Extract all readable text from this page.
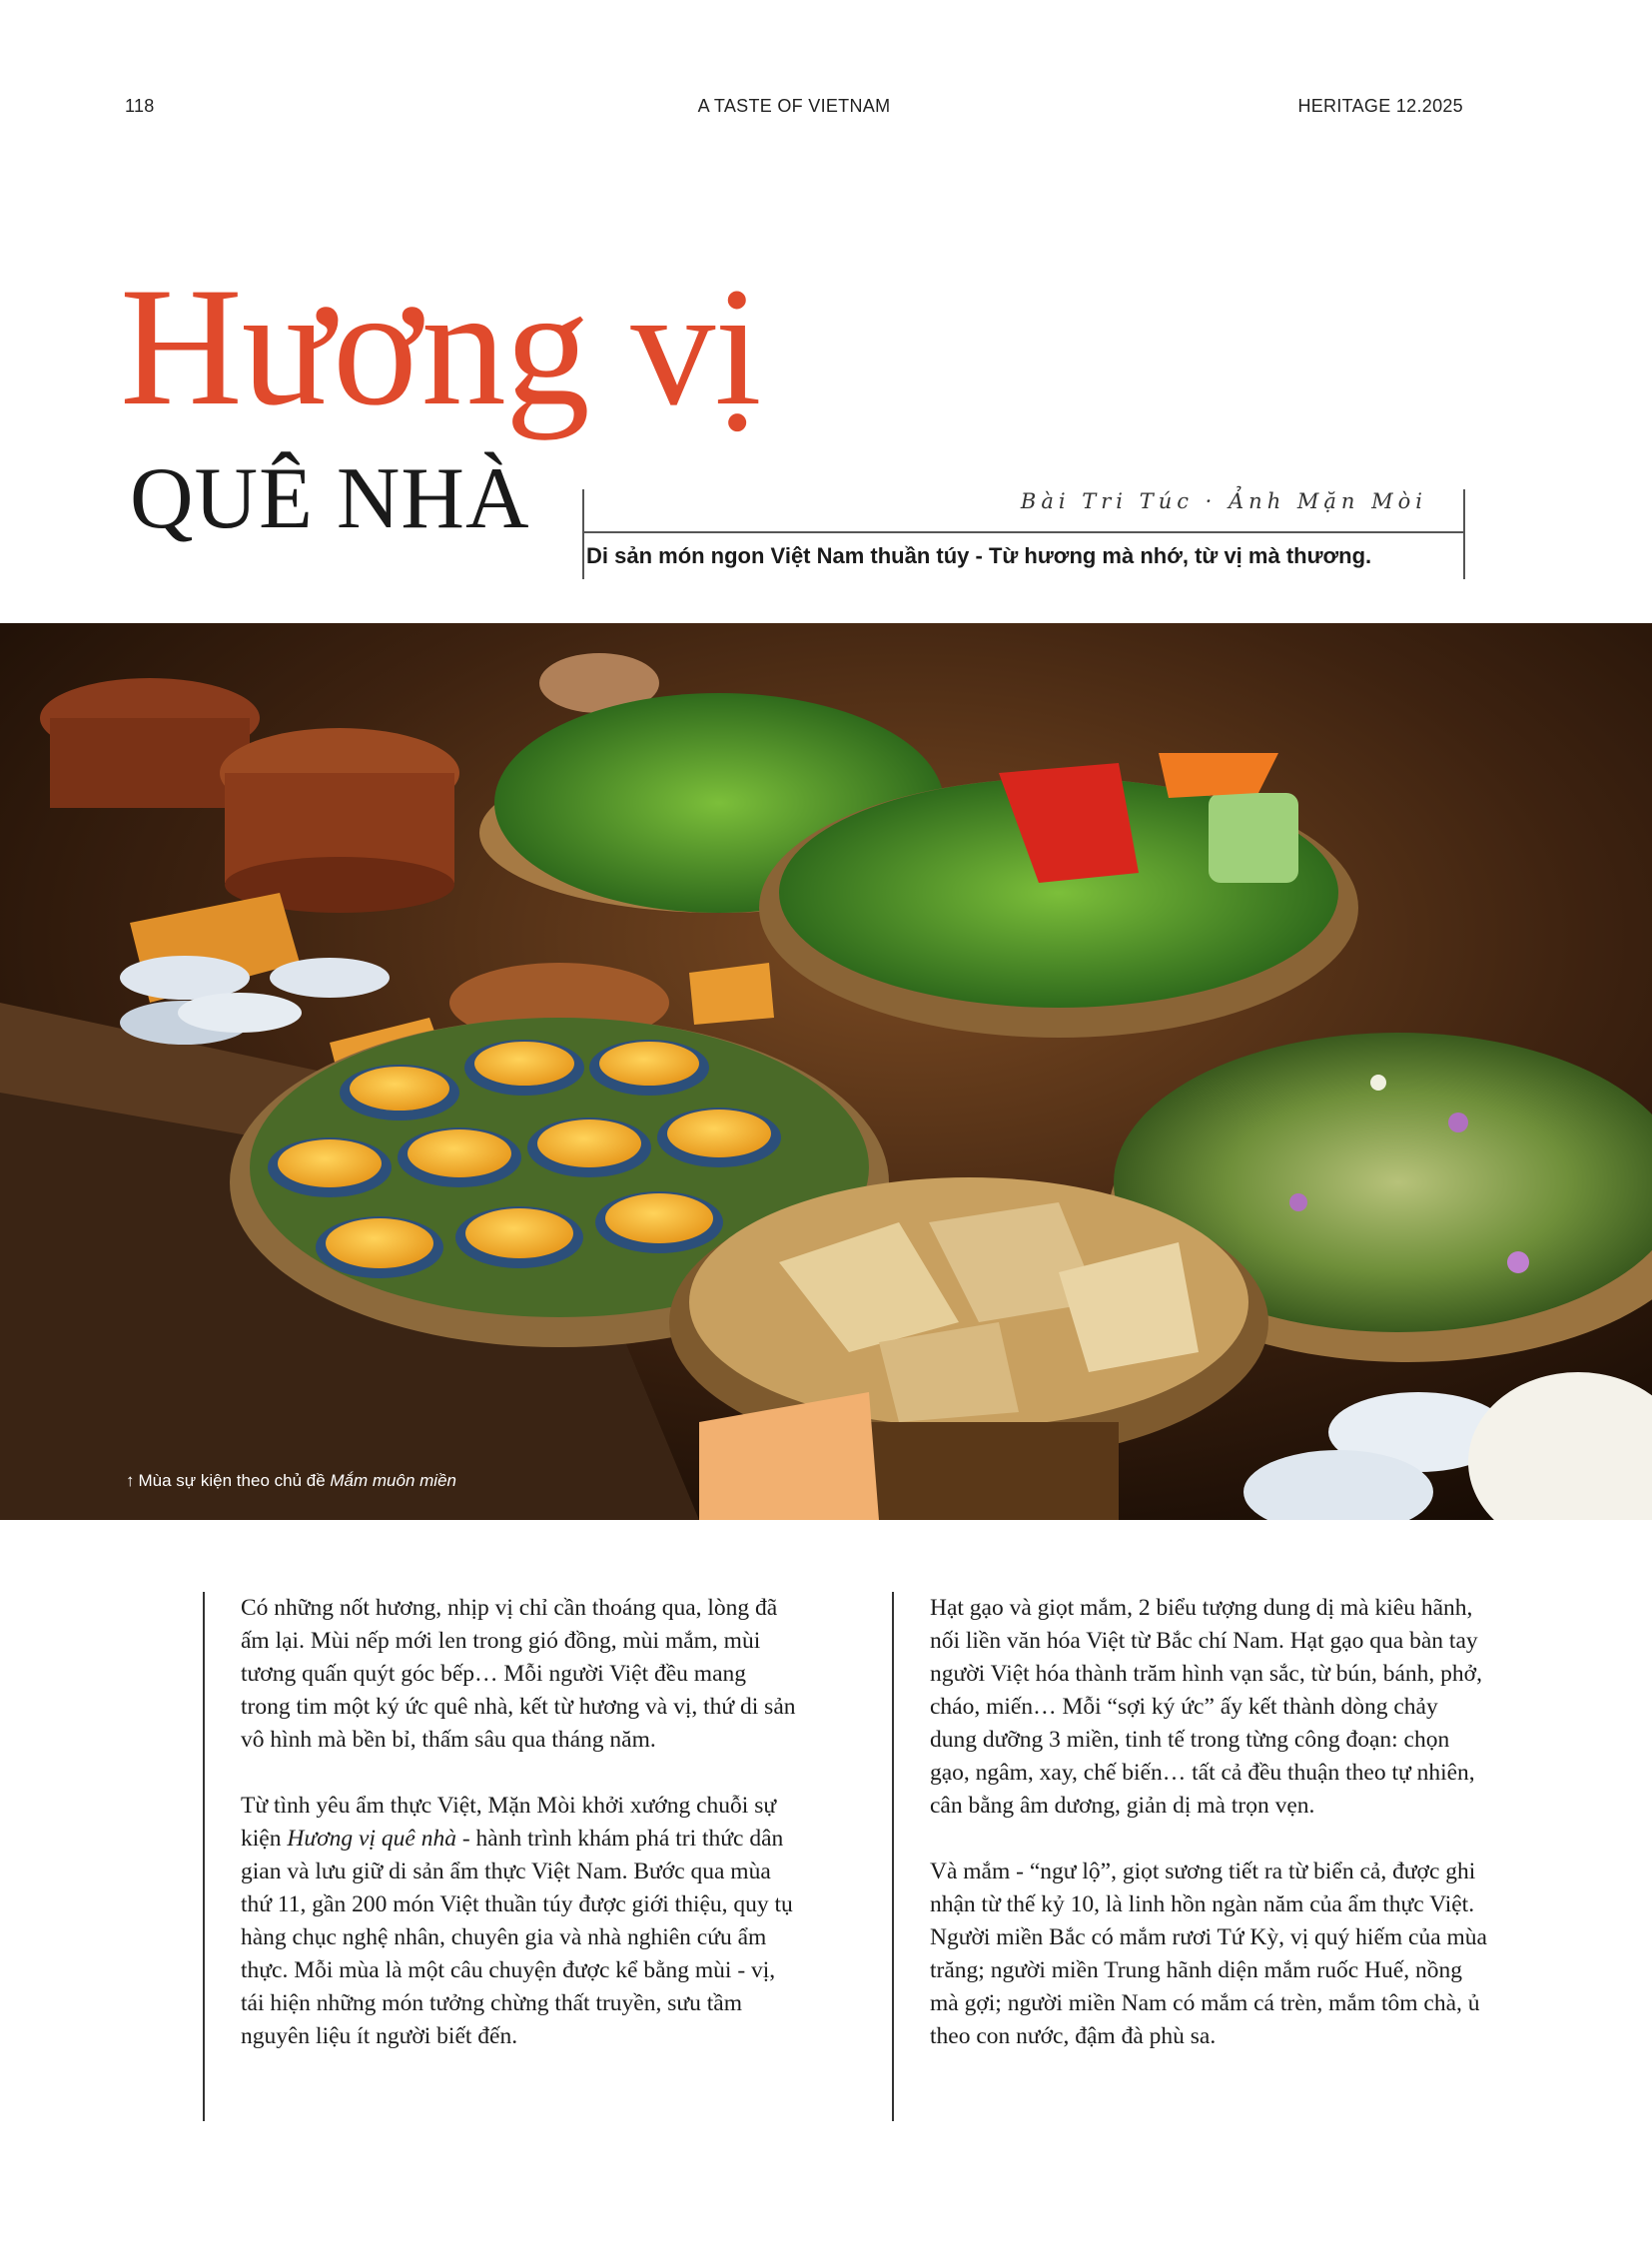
118	A TASTE OF VIETNAM	HERITAGE 12.2025
Hương vị
QUÊ NHÀ	Bài Tri Túc · Ảnh Mặn Mòi
Di sản món ngon Việt Nam thuần túy - Từ hương mà nhớ, từ vị mà thương.
↑ Mùa sự kiện theo chủ đề Mắm muôn miền

Có những nốt hương, nhịp vị chỉ cần thoáng qua, lòng đã ấm lại. Mùi nếp mới len trong gió đồng, mùi mắm, mùi tương quấn quýt góc bếp… Mỗi người Việt đều mang trong tim một ký ức quê nhà, kết từ hương và vị, thứ di sản vô hình mà bền bỉ, thấm sâu qua tháng năm.

Từ tình yêu ẩm thực Việt, Mặn Mòi khởi xướng chuỗi sự kiện Hương vị quê nhà - hành trình khám phá tri thức dân gian và lưu giữ di sản ẩm thực Việt Nam. Bước qua mùa thứ 11, gần 200 món Việt thuần túy được giới thiệu, quy tụ hàng chục nghệ nhân, chuyên gia và nhà nghiên cứu ẩm thực. Mỗi mùa là một câu chuyện được kể bằng mùi - vị, tái hiện những món tưởng chừng thất truyền, sưu tầm nguyên liệu ít người biết đến.

Hạt gạo và giọt mắm, 2 biểu tượng dung dị mà kiêu hãnh, nối liền văn hóa Việt từ Bắc chí Nam. Hạt gạo qua bàn tay người Việt hóa thành trăm hình vạn sắc, từ bún, bánh, phở, cháo, miến… Mỗi “sợi ký ức” ấy kết thành dòng chảy dung dưỡng 3 miền, tinh tế trong từng công đoạn: chọn gạo, ngâm, xay, chế biến… tất cả đều thuận theo tự nhiên, cân bằng âm dương, giản dị mà trọn vẹn.

Và mắm - “ngư lộ”, giọt sương tiết ra từ biển cả, được ghi nhận từ thế kỷ 10, là linh hồn ngàn năm của ẩm thực Việt. Người miền Bắc có mắm rươi Tứ Kỳ, vị quý hiếm của mùa trăng; người miền Trung hãnh diện mắm ruốc Huế, nồng mà gợi; người miền Nam có mắm cá trèn, mắm tôm chà, ủ theo con nước, đậm đà phù sa.
